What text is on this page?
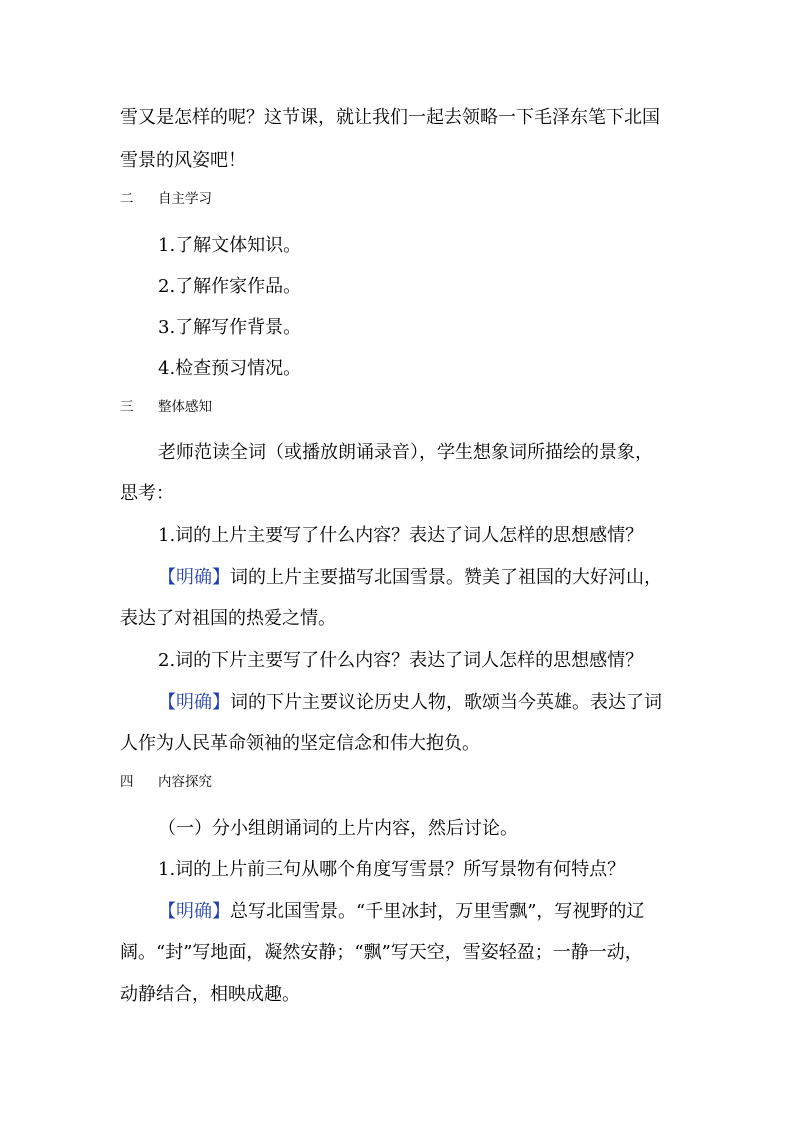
雪又是怎样的呢？这节课，就让我们一起去领略一下毛泽东笔下北国
雪景的风姿吧！
二 自主学习
1.了解文体知识。
2.了解作家作品。
3.了解写作背景。
4.检查预习情况。
三 整体感知
老师范读全词（或播放朗诵录音），学生想象词所描绘的景象，
思考：
1.词的上片主要写了什么内容？表达了词人怎样的思想感情？
【明确】词的上片主要描写北国雪景。赞美了祖国的大好河山，
表达了对祖国的热爱之情。
2.词的下片主要写了什么内容？表达了词人怎样的思想感情？
【明确】词的下片主要议论历史人物，歌颂当今英雄。表达了词
人作为人民革命领袖的坚定信念和伟大抱负。
四 内容探究
（一）分小组朗诵词的上片内容，然后讨论。
1.词的上片前三句从哪个角度写雪景？所写景物有何特点？
【明确】总写北国雪景。“千里冰封，万里雪飘”，写视野的辽
阔。“封”写地面，凝然安静；“飘”写天空，雪姿轻盈；一静一动，
动静结合，相映成趣。
